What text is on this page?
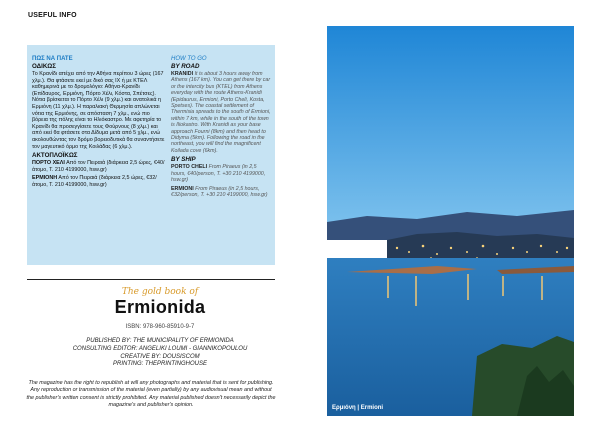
USEFUL INFO
ΠΩΣ ΝΑ ΠΑΤΕ
ΟΔΙΚΩΣ
Το Κρανίδι απέχει από την Αθήνα περίπου 3 ώρες (167 χλμ.). Θα φτάσετε εκεί με δικό σας IX ή με ΚΤΕΛ καθημερινά με το δρομολόγιο: Αθήνα-Κρανίδι (Επίδαυρος, Ερμιόνη, Πόρτο Χέλι, Κόστα, Σπέτσες). Νότια βρίσκεται το Πόρτο Χέλι (9 χλμ.) και ανατολικά η Ερμιόνη (11 χλμ.). Η παραλιακή Θερμησία απλώνεται νότια της Ερμιόνης, σε απόσταση 7 χλμ., ενώ πιο βόρεια της πόλης είναι το Ηλιόκαστρο. Με αφετηρία το Κρανίδι θα προσεγγίσετε τους Φούρνους (8 χλμ.) και από εκεί θα φτάσετε στα Δίδυμα μετά από 5 χλμ., ενώ ακολουθώντας τον δρόμο βορειοδυτικά θα συναντήσετε τον μαγευτικό όρμο της Κοιλάδας (6 χλμ.).
ΑΚΤΟΠΛΟΪΚΩΣ
ΠΟΡΤΟ ΧΕΛΙ Από τον Πειραιά (διάρκεια 2,5 ώρες, €40/άτομο, Τ. 210 4199000, hsw.gr)
ΕΡΜΙΟΝΗ Από τον Πειραιά (διάρκεια 2,5 ώρες, €32/άτομο, Τ. 210 4199000, hsw.gr)
HOW TO GO
BY ROAD
KRANIDI It is about 3 hours away from Athens (167 km). You can get there by car or the intercity bus (KTEL) from Athens everyday with the route Athens-Kranidi (Epidaurus, Ermioni, Porto Cheli, Kosta, Spetses). The coastal settlement of Thermisia spreads to the south of Ermioni, within 7 km, while in the south of the town is Iliokastro. With Kranidi as your base approach Fourni (8km) and then head to Didyma (5km). Following the road in the northeast, you will find the magnificent Koilada cove (6km).
BY SHIP
PORTO CHELI From Piraeus (in 2,5 hours, €40/person, T. +30 210 4199000, hsw.gr)
ERMIONI From Piraeus (in 2,5 hours, €32/person, T. +30 210 4199000, hsw.gr)
The gold book of
Ermionida
ISBN: 978-960-85910-9-7
PUBLISHED BY: THE MUNICIPALITY OF ERMIONIDA
CONSULTING EDITOR: ANGELIKI LOUMI - GIANNIKOPOULOU
CREATIVE BY: DOUSISCOM
PRINTING: THEPRINTINGHOUSE
The magazine has the right to republish at will any photographs and material that is sent for publishing. Any reproduction or transmission of the material (even partially) by any audiovisual mean and without the publisher's written consent is strictly prohibited. Any material published doesn't necessarily depict the magazine's and publisher's opinion.	Ερμιόνη | Ermioni
